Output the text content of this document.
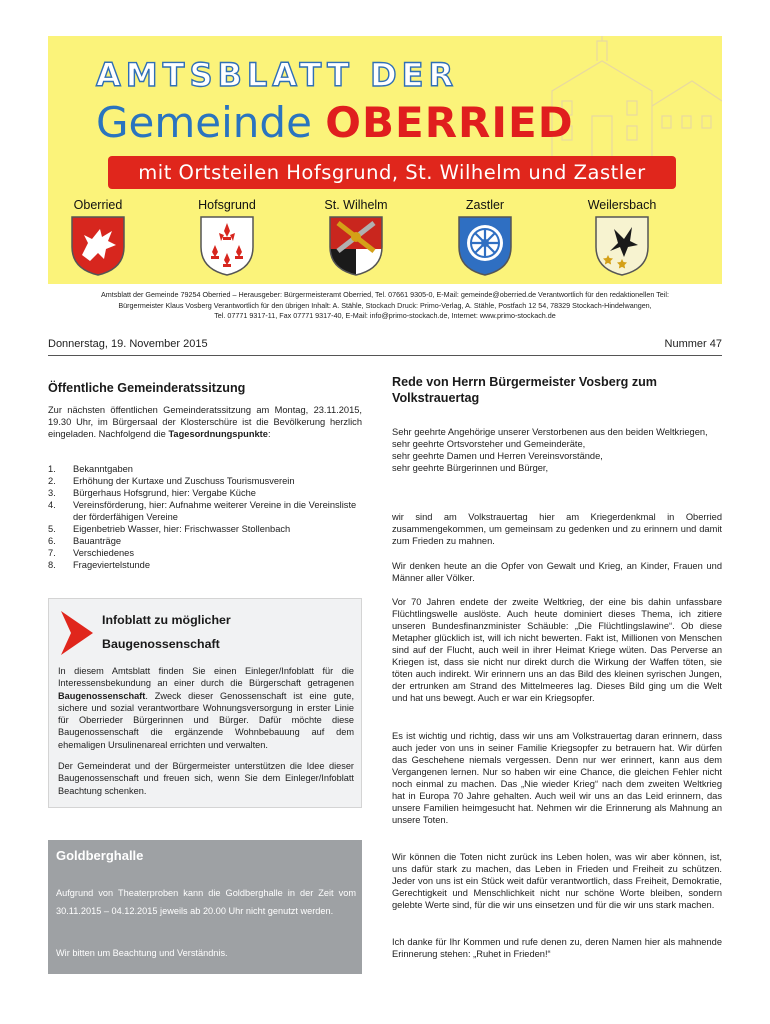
AMTSBLATT DER
Gemeinde OBERRIED
mit Ortsteilen Hofsgrund, St. Wilhelm und Zastler
Oberried	Hofsgrund	St. Wilhelm	Zastler	Weilersbach
Amtsblatt der Gemeinde 79254 Oberried – Herausgeber: Bürgermeisteramt Oberried, Tel. 07661 9305-0, E-Mail: gemeinde@oberried.de Verantwortlich für den redaktionellen Teil:
Bürgermeister Klaus Vosberg Verantwortlich für den übrigen Inhalt: A. Stähle, Stockach Druck: Primo-Verlag, A. Stähle, Postfach 12 54, 78329 Stockach-Hindelwangen,
Tel. 07771 9317-11, Fax 07771 9317-40, E-Mail: info@primo-stockach.de, Internet: www.primo-stockach.de
Donnerstag, 19. November 2015	Nummer 47
Öffentliche Gemeinderatssitzung

Zur nächsten öffentlichen Gemeinderatssitzung am Montag, 23.11.2015, 19.30 Uhr, im Bürgersaal der Klosterschüre ist die Bevölkerung herzlich eingeladen. Nachfolgend die Tagesordnungspunkte:

1. Bekanntgaben
2. Erhöhung der Kurtaxe und Zuschuss Tourismusverein
3. Bürgerhaus Hofsgrund, hier: Vergabe Küche
4. Vereinsförderung, hier: Aufnahme weiterer Vereine in die Vereinsliste der förderfähigen Vereine
5. Eigenbetrieb Wasser, hier: Frischwasser Stollenbach
6. Bauanträge
7. Verschiedenes
8. Frageviertelstunde
Infoblatt zu möglicher
Baugenossenschaft

In diesem Amtsblatt finden Sie einen Einleger/Infoblatt für die Interessensbekundung an einer durch die Bürgerschaft getragenen Baugenossenschaft. Zweck dieser Genossenschaft ist eine gute, sichere und sozial verantwortbare Wohnungsversorgung in erster Linie für Oberrieder Bürgerinnen und Bürger. Dafür möchte diese Baugenossenschaft die ergänzende Wohnbebauung auf dem ehemaligen Ursulinenareal errichten und verwalten.

Der Gemeinderat und der Bürgermeister unterstützen die Idee dieser Baugenossenschaft und freuen sich, wenn Sie dem Einleger/Infoblatt Beachtung schenken.

Goldberghalle

Aufgrund von Theaterproben kann die Goldberghalle in der Zeit vom 30.11.2015 – 04.12.2015 jeweils ab 20.00 Uhr nicht genutzt werden.

Wir bitten um Beachtung und Verständnis.

Rede von Herrn Bürgermeister Vosberg zum Volkstrauertag

Sehr geehrte Angehörige unserer Verstorbenen aus den beiden Weltkriegen,

sehr geehrte Ortsvorsteher und Gemeinderäte,

sehr geehrte Damen und Herren Vereinsvorstände,

sehr geehrte Bürgerinnen und Bürger,

wir sind am Volkstrauertag hier am Kriegerdenkmal in Oberried zusammengekommen, um gemeinsam zu gedenken und zu erinnern und damit zum Frieden zu mahnen.

Wir denken heute an die Opfer von Gewalt und Krieg, an Kinder, Frauen und Männer aller Völker.

Vor 70 Jahren endete der zweite Weltkrieg, der eine bis dahin unfassbare Flüchtlingswelle auslöste. Auch heute dominiert dieses Thema, ich zitiere unseren Bundesfinanzminister Schäuble: „Die Flüchtlingslawine“. Ob diese Metapher glücklich ist, will ich nicht bewerten. Fakt ist, Millionen von Menschen sind auf der Flucht, auch weil in ihrer Heimat Kriege wüten. Das Perverse an Kriegen ist, dass sie nicht nur direkt durch die Wirkung der Waffen töten, sie töten auch indirekt. Wir erinnern uns an das Bild des kleinen syrischen Jungen, der ertrunken am Strand des Mittelmeeres lag. Dieses Bild ging um die Welt und hat uns bewegt. Auch er war ein Kriegsopfer.

Es ist wichtig und richtig, dass wir uns am Volkstrauertag daran erinnern, dass auch jeder von uns in seiner Familie Kriegsopfer zu betrauern hat. Wir dürfen das Geschehene niemals vergessen. Denn nur wer erinnert, kann aus dem Vergangenen lernen. Nur so haben wir eine Chance, die gleichen Fehler nicht noch einmal zu machen. Das „Nie wieder Krieg“ nach dem zweiten Weltkrieg hat in Europa 70 Jahre gehalten. Auch weil wir uns an das Leid erinnern, das unsere Familien heimgesucht hat. Nehmen wir die Erinnerung als Mahnung an unsere Toten.

Wir können die Toten nicht zurück ins Leben holen, was wir aber können, ist, uns dafür stark zu machen, das Leben in Frieden und Freiheit zu schützen. Jeder von uns ist ein Stück weit dafür verantwortlich, dass Freiheit, Demokratie, Gerechtigkeit und Menschlichkeit nicht nur schöne Worte bleiben, sondern gelebte Werte sind, für die wir uns einsetzen und für die wir uns stark machen.

Ich danke für Ihr Kommen und rufe denen zu, deren Namen hier als mahnende Erinnerung stehen: „Ruhet in Frieden!“
